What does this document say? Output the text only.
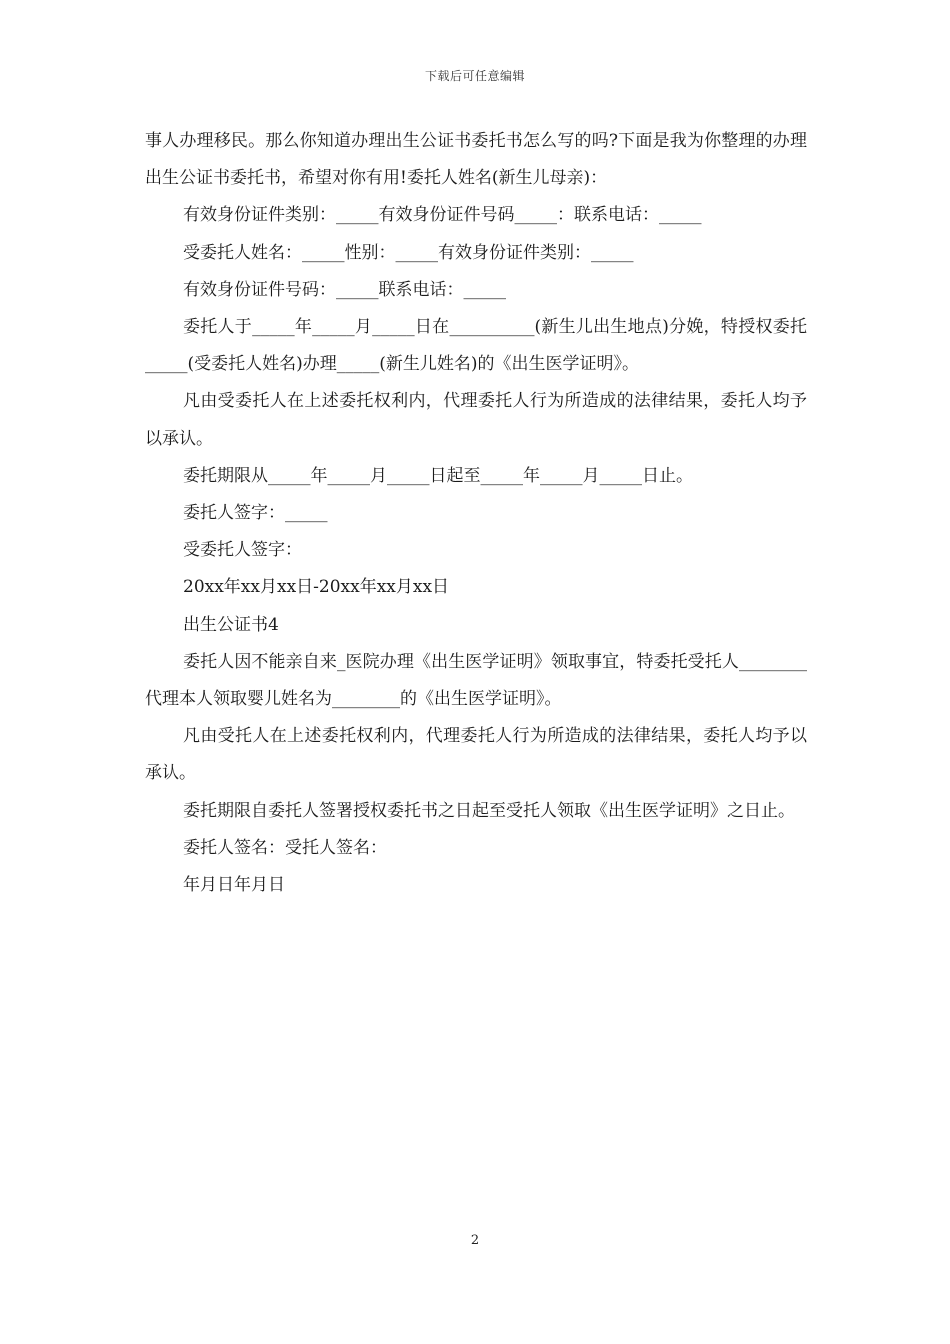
下载后可任意编辑

事人办理移民。那么你知道办理出生公证书委托书怎么写的吗?下面是我为你整理的办理出生公证书委托书，希望对你有用!委托人姓名(新生儿母亲)：

有效身份证件类别：_____有效身份证件号码_____：联系电话：_____

受委托人姓名：_____性别：_____有效身份证件类别：_____

有效身份证件号码：_____联系电话：_____

委托人于_____年_____月_____日在__________(新生儿出生地点)分娩，特授权委托_____(受委托人姓名)办理_____(新生儿姓名)的《出生医学证明》。

凡由受委托人在上述委托权利内，代理委托人行为所造成的法律结果，委托人均予以承认。

委托期限从_____年_____月_____日起至_____年_____月_____日止。

委托人签字：_____

受委托人签字：

20xx年xx月xx日-20xx年xx月xx日

出生公证书4

委托人因不能亲自来_医院办理《出生医学证明》领取事宜，特委托受托人________代理本人领取婴儿姓名为________的《出生医学证明》。

凡由受托人在上述委托权利内，代理委托人行为所造成的法律结果，委托人均予以承认。

委托期限自委托人签署授权委托书之日起至受托人领取《出生医学证明》之日止。

委托人签名：受托人签名：

年月日年月日

2
